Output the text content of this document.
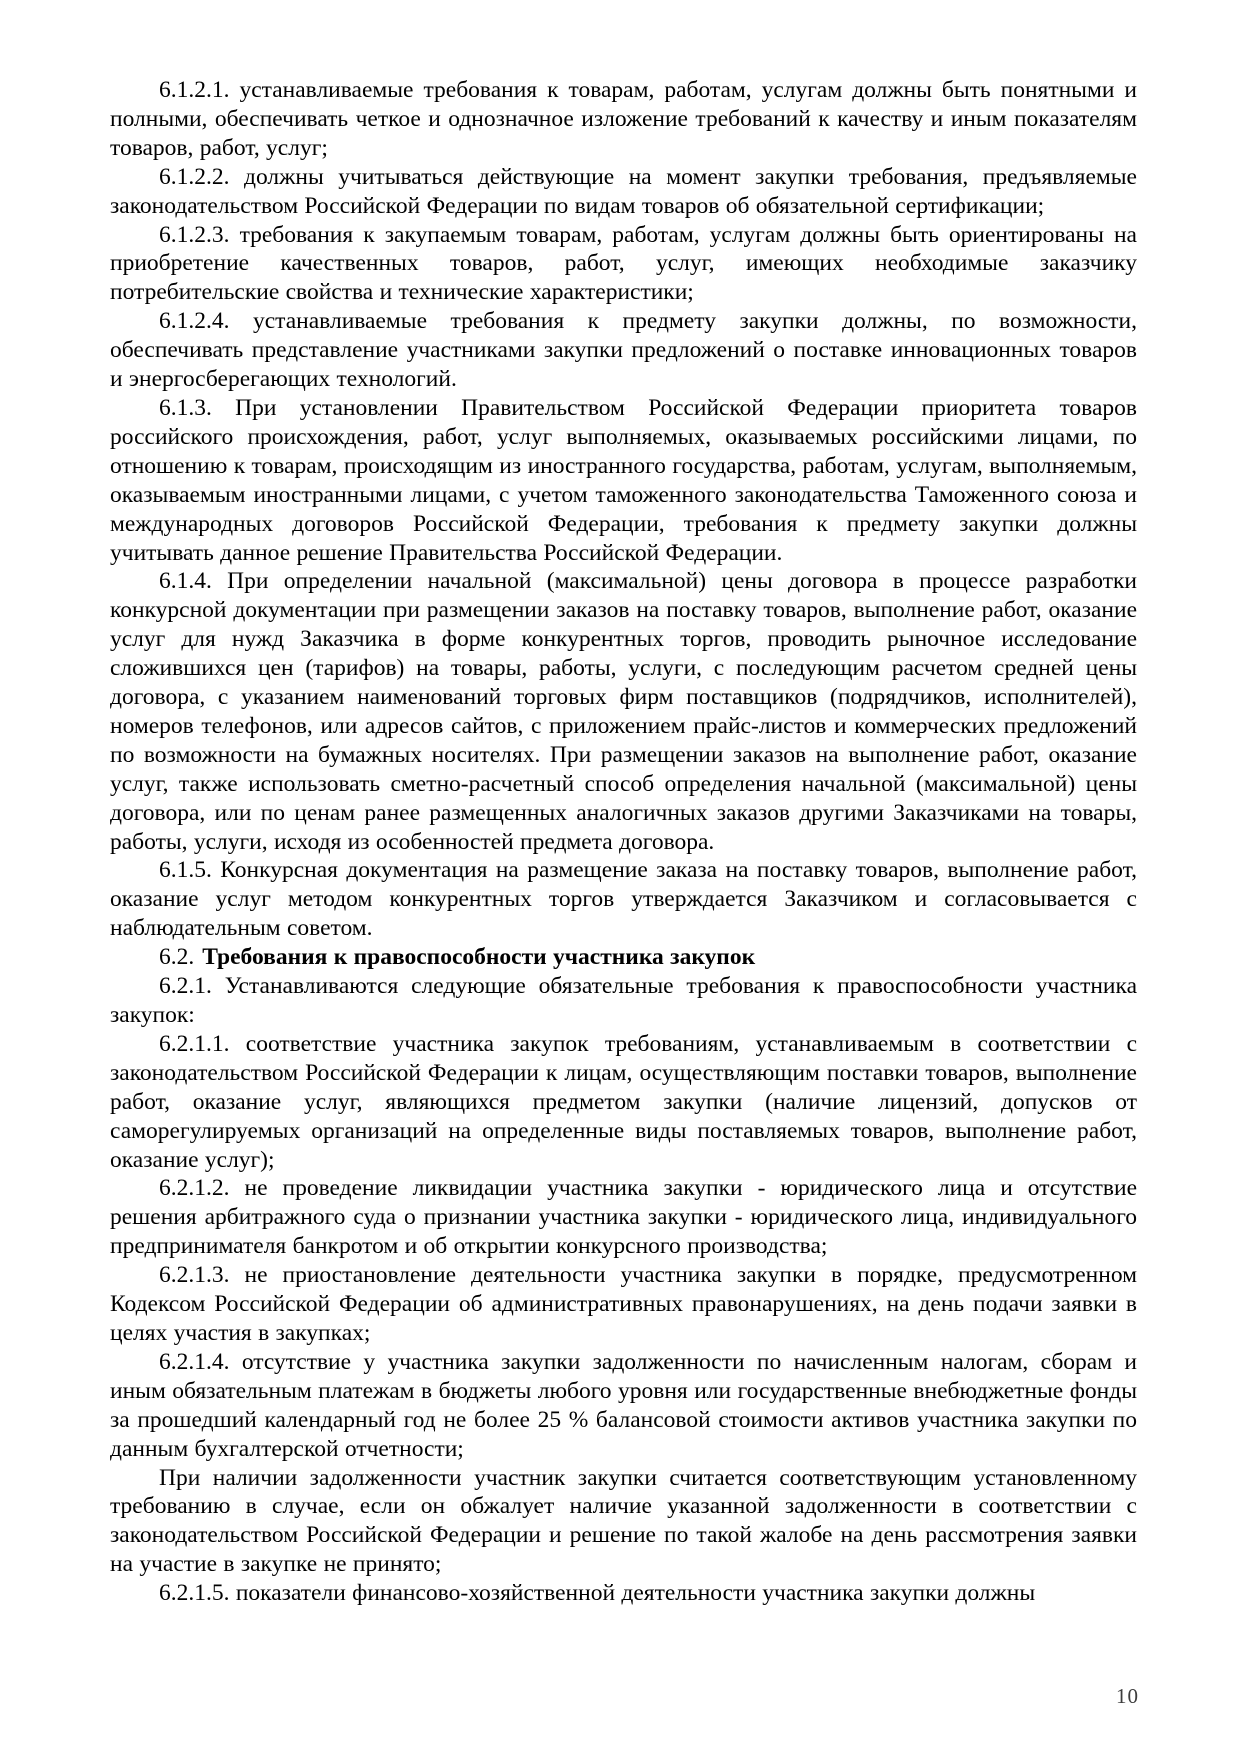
6.1.2.1. устанавливаемые требования к товарам, работам, услугам должны быть понятными и полными, обеспечивать четкое и однозначное изложение требований к качеству и иным показателям товаров, работ, услуг;

6.1.2.2. должны учитываться действующие на момент закупки требования, предъявляемые законодательством Российской Федерации по видам товаров об обязательной сертификации;

6.1.2.3. требования к закупаемым товарам, работам, услугам должны быть ориентированы на приобретение качественных товаров, работ, услуг, имеющих необходимые заказчику потребительские свойства и технические характеристики;

6.1.2.4. устанавливаемые требования к предмету закупки должны, по возможности, обеспечивать представление участниками закупки предложений о поставке инновационных товаров и энергосберегающих технологий.

6.1.3. При установлении Правительством Российской Федерации приоритета товаров российского происхождения, работ, услуг выполняемых, оказываемых российскими лицами, по отношению к товарам, происходящим из иностранного государства, работам, услугам, выполняемым, оказываемым иностранными лицами, с учетом таможенного законодательства Таможенного союза и международных договоров Российской Федерации, требования к предмету закупки должны учитывать данное решение Правительства Российской Федерации.

6.1.4. При определении начальной (максимальной) цены договора в процессе разработки конкурсной документации при размещении заказов на поставку товаров, выполнение работ, оказание услуг для нужд Заказчика в форме конкурентных торгов, проводить рыночное исследование сложившихся цен (тарифов) на товары, работы, услуги, с последующим расчетом средней цены договора, с указанием наименований торговых фирм поставщиков (подрядчиков, исполнителей), номеров телефонов, или адресов сайтов, с приложением прайс-листов и коммерческих предложений по возможности на бумажных носителях. При размещении заказов на выполнение работ, оказание услуг, также использовать сметно-расчетный способ определения начальной (максимальной) цены договора, или по ценам ранее размещенных аналогичных заказов другими Заказчиками на товары, работы, услуги, исходя из особенностей предмета договора.

6.1.5. Конкурсная документация на размещение заказа на поставку товаров, выполнение работ, оказание услуг методом конкурентных торгов утверждается Заказчиком и согласовывается с наблюдательным советом.

6.2. Требования к правоспособности участника закупок

6.2.1. Устанавливаются следующие обязательные требования к правоспособности участника закупок:

6.2.1.1. соответствие участника закупок требованиям, устанавливаемым в соответствии с законодательством Российской Федерации к лицам, осуществляющим поставки товаров, выполнение работ, оказание услуг, являющихся предметом закупки (наличие лицензий, допусков от саморегулируемых организаций на определенные виды поставляемых товаров, выполнение работ, оказание услуг);

6.2.1.2. не проведение ликвидации участника закупки - юридического лица и отсутствие решения арбитражного суда о признании участника закупки - юридического лица, индивидуального предпринимателя банкротом и об открытии конкурсного производства;

6.2.1.3. не приостановление деятельности участника закупки в порядке, предусмотренном Кодексом Российской Федерации об административных правонарушениях, на день подачи заявки в целях участия в закупках;

6.2.1.4. отсутствие у участника закупки задолженности по начисленным налогам, сборам и иным обязательным платежам в бюджеты любого уровня или государственные внебюджетные фонды за прошедший календарный год не более 25 % балансовой стоимости активов участника закупки по данным бухгалтерской отчетности;

При наличии задолженности участник закупки считается соответствующим установленному требованию в случае, если он обжалует наличие указанной задолженности в соответствии с законодательством Российской Федерации и решение по такой жалобе на день рассмотрения заявки на участие в закупке не принято;

6.2.1.5. показатели финансово-хозяйственной деятельности участника закупки должны

10
